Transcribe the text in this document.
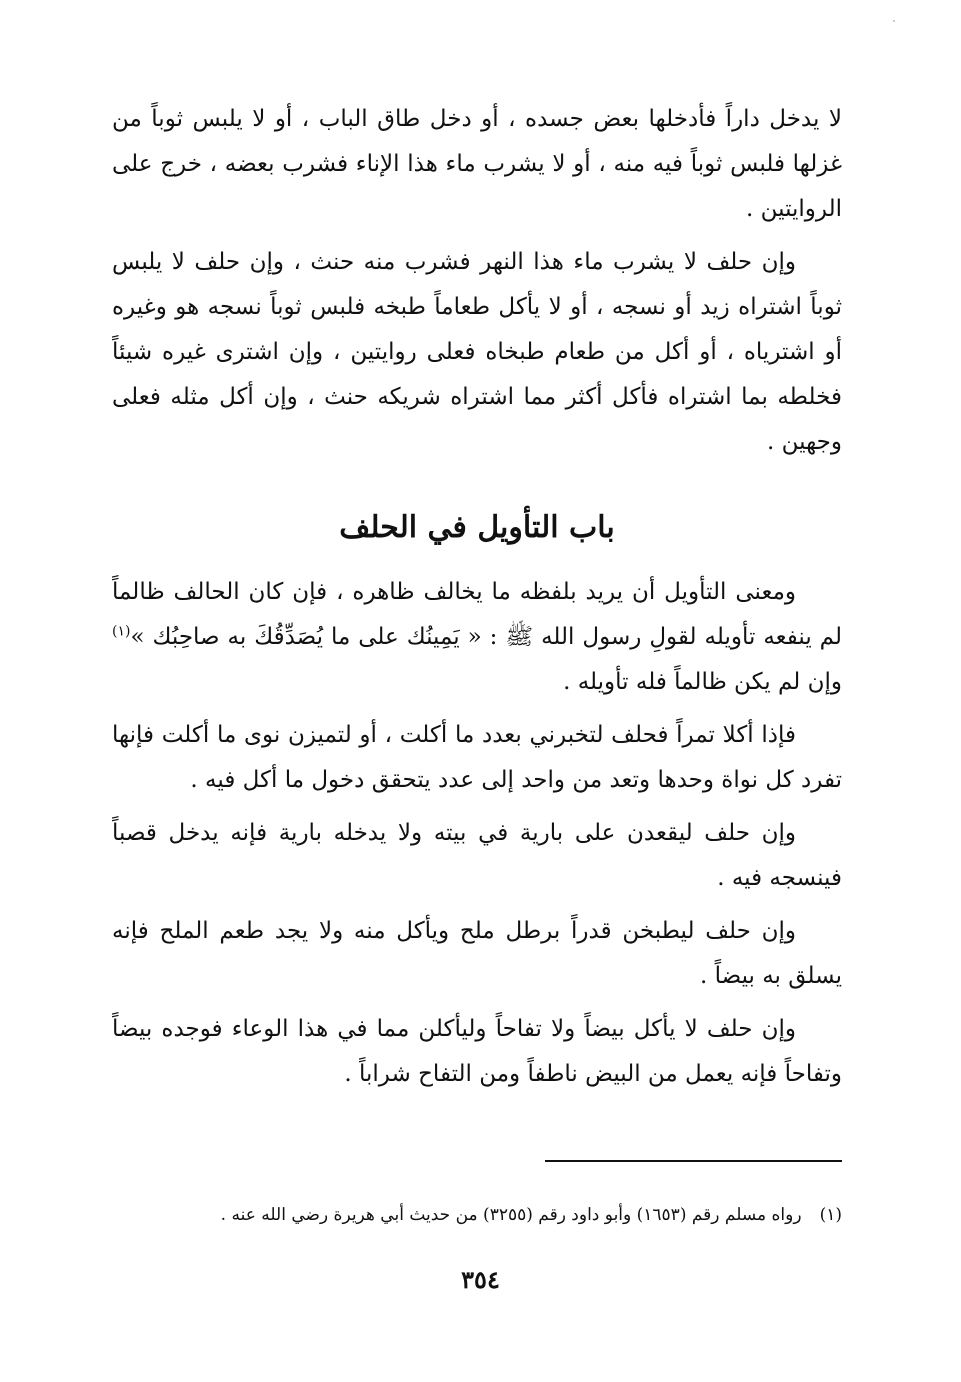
لا يدخل داراً فأدخلها بعض جسده ، أو دخل طاق الباب ، أو لا يلبس ثوباً من غزلها فلبس ثوباً فيه منه ، أو لا يشرب ماء هذا الإناء فشرب بعضه ، خرج على الروايتين .

وإن حلف لا يشرب ماء هذا النهر فشرب منه حنث ، وإن حلف لا يلبس ثوباً اشتراه زيد أو نسجه ، أو لا يأكل طعاماً طبخه فلبس ثوباً نسجه هو وغيره أو اشترياه ، أو أكل من طعام طبخاه فعلى روايتين ، وإن اشترى غيره شيئاً فخلطه بما اشتراه فأكل أكثر مما اشتراه شريكه حنث ، وإن أكل مثله فعلى وجهين .

باب التأويل في الحلف

ومعنى التأويل أن يريد بلفظه ما يخالف ظاهره ، فإن كان الحالف ظالماً لم ينفعه تأويله لقولِ رسول الله ﷺ : « يَمِينُك على ما يُصَدِّقُكَ به صاحِبُك »$^{(١)}$ وإن لم يكن ظالماً فله تأويله .

فإذا أكلا تمراً فحلف لتخبرني بعدد ما أكلت ، أو لتميزن نوى ما أكلت فإنها تفرد كل نواة وحدها وتعد من واحد إلى عدد يتحقق دخول ما أكل فيه .

وإن حلف ليقعدن على بارية في بيته ولا يدخله بارية فإنه يدخل قصباً فينسجه فيه .

وإن حلف ليطبخن قدراً برطل ملح ويأكل منه ولا يجد طعم الملح فإنه يسلق به بيضاً .

وإن حلف لا يأكل بيضاً ولا تفاحاً وليأكلن مما في هذا الوعاء فوجده بيضاً وتفاحاً فإنه يعمل من البيض ناطفاً ومن التفاح شراباً .

(١)رواه مسلم رقم (١٦٥٣) وأبو داود رقم (٣٢٥٥) من حديث أبي هريرة رضي الله عنه .
٣٥٤
